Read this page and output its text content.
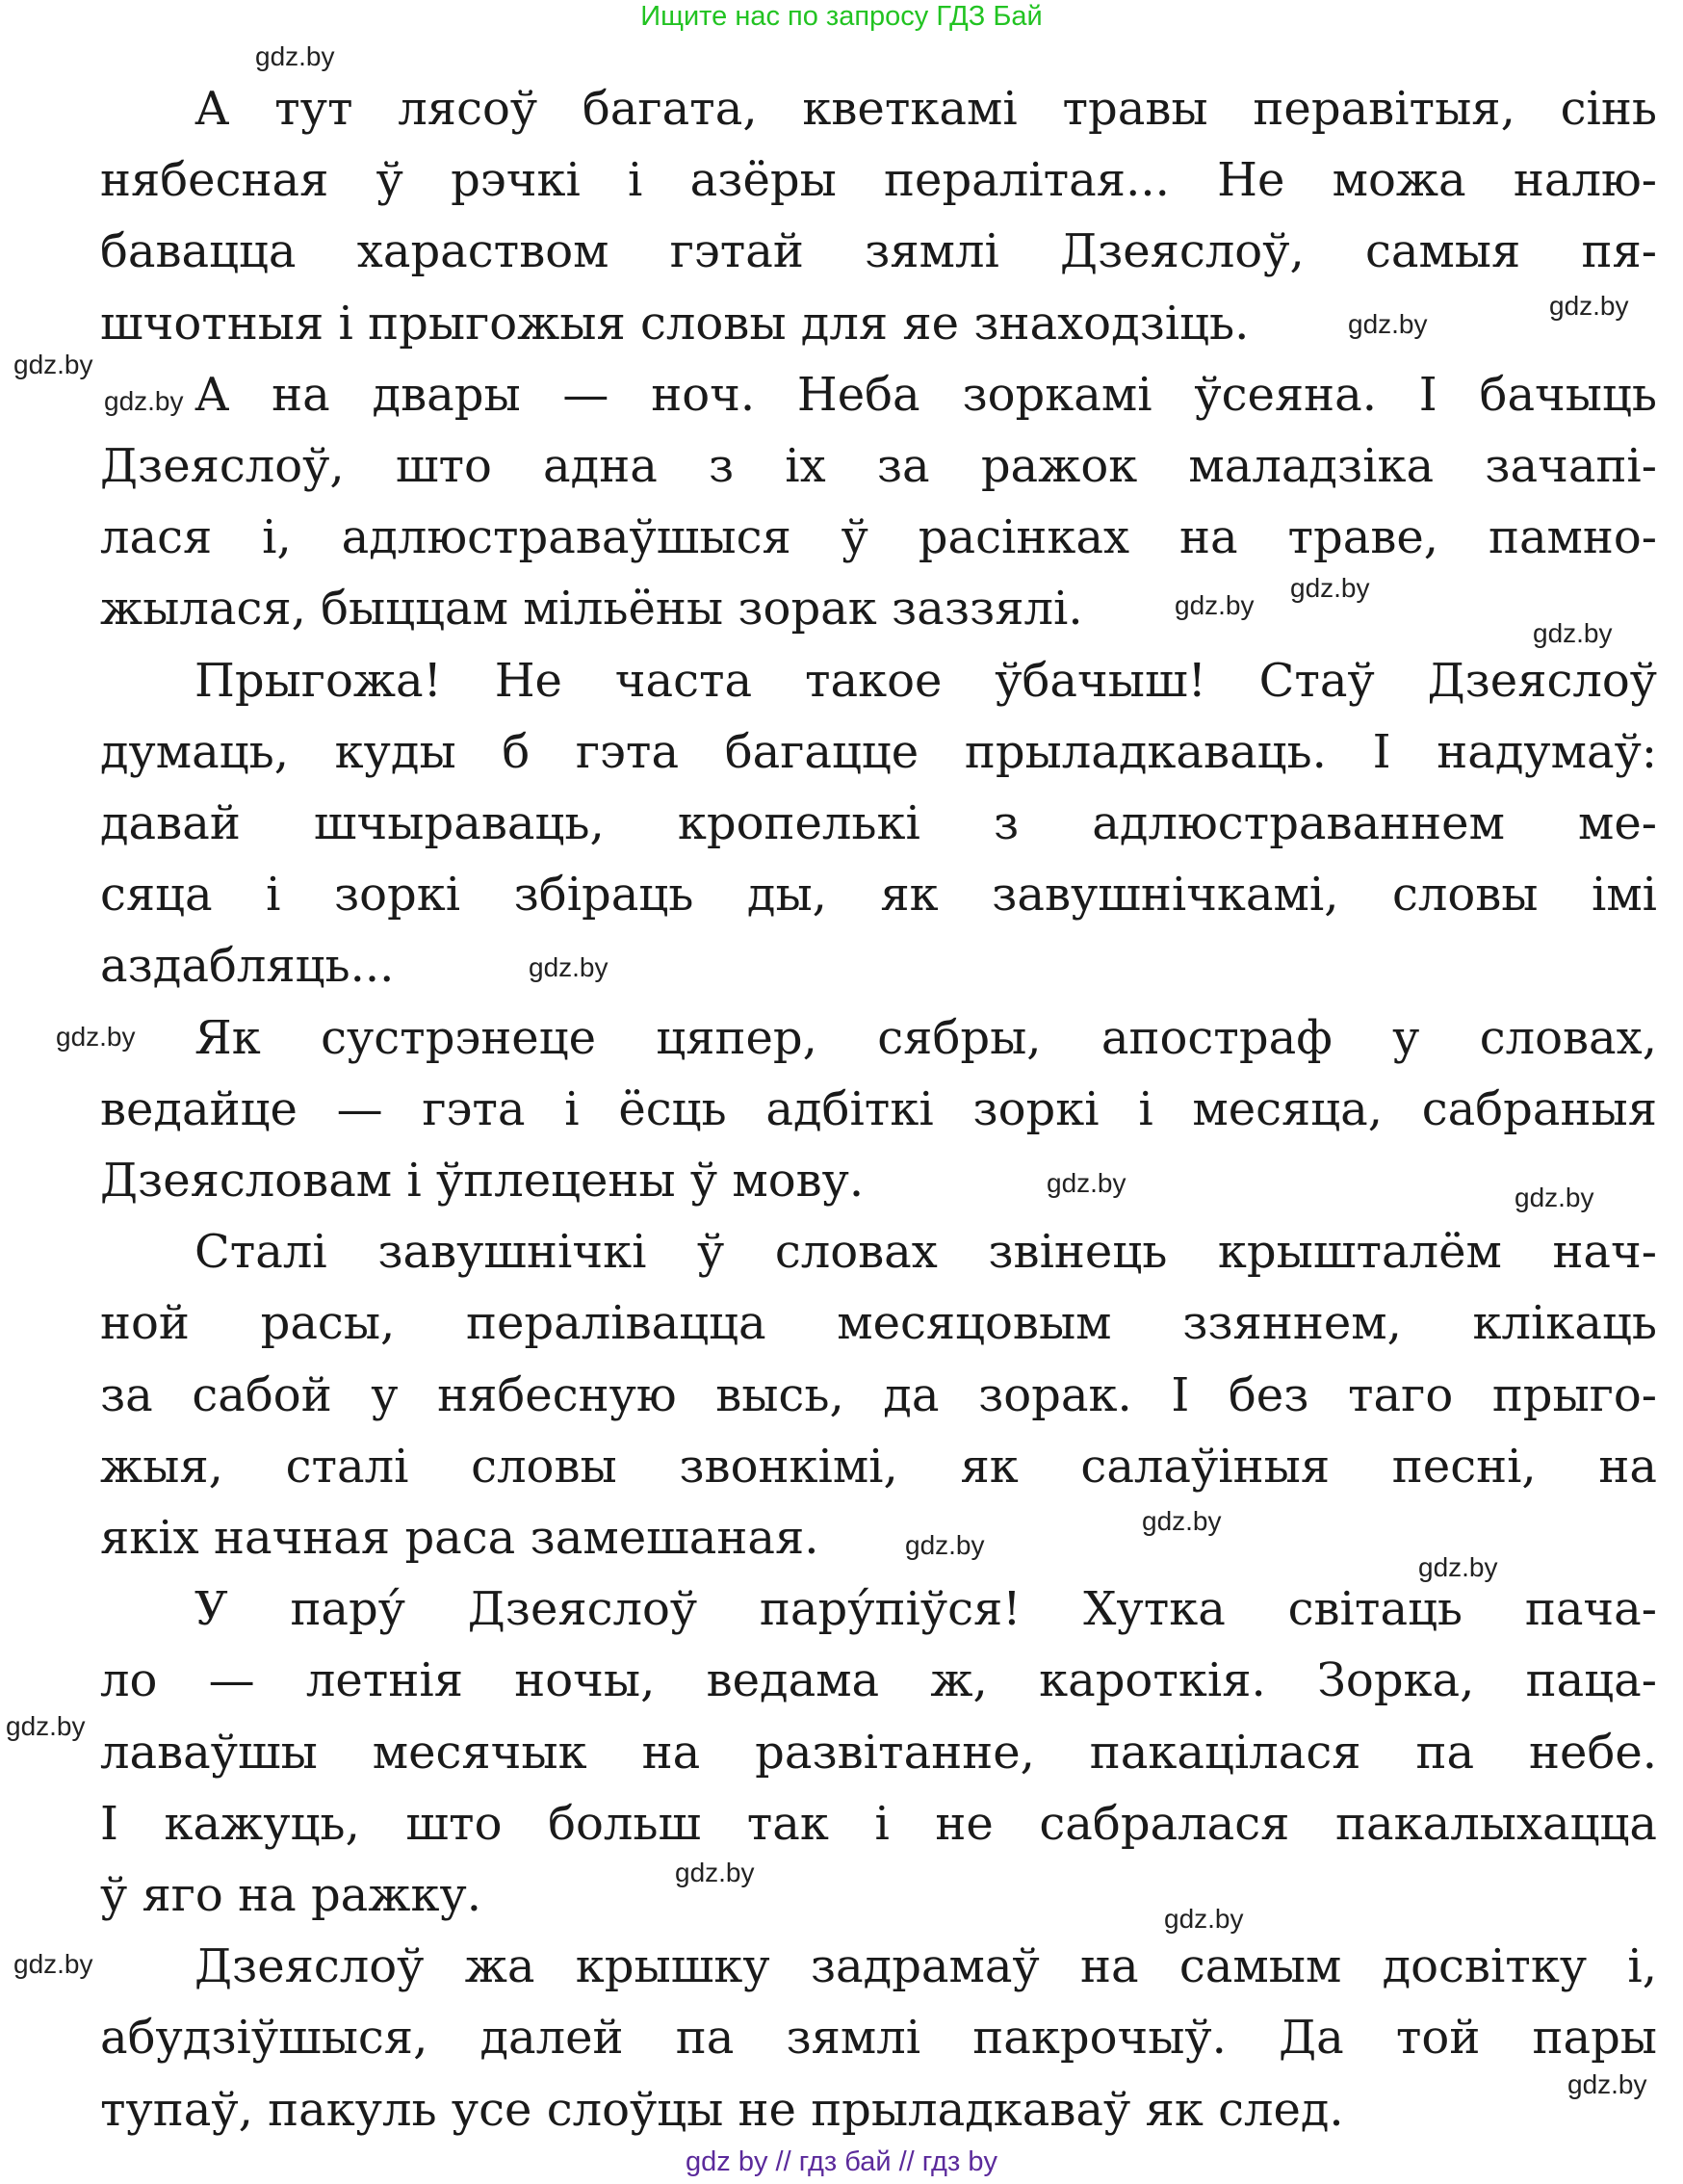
Ищите нас по запросу ГДЗ Бай
А тут лясоў багата, кветкамі травы перавітыя, сінь
нябесная ў рэчкі і азёры пералітая... Не можа налю-
бавацца хараством гэтай зямлі Дзеяслоў, самыя пя-
шчотныя і прыгожыя словы для яе знаходзіць.
А на двары — ноч. Неба зоркамі ўсеяна. І бачыць
Дзеяслоў, што адна з іх за ражок маладзіка зачапі-
лася і, адлюстраваўшыся ў расінках на траве, памно-
жылася, быццам мільёны зорак заззялі.
Прыгожа! Не часта такое ўбачыш! Стаў Дзеяслоў
думаць, куды б гэта багацце прыладкаваць. І надумаў:
давай шчыраваць, кропелькі з адлюстраваннем ме-
сяца і зоркі збіраць ды, як завушнічкамі, словы імі
аздабляць...
Як сустрэнеце цяпер, сябры, апостраф у словах,
ведайце — гэта і ёсць адбіткі зоркі і месяца, сабраныя
Дзеясловам і ўплецены ў мову.
Сталі завушнічкі ў словах звінець крышталём нач-
ной расы, пераліваццa месяцовым ззяннем, клікаць
за сабой у нябесную высь, да зорак. І без таго прыго-
жыя, сталі словы звонкімі, як салаўіныя песні, на
якіх начная раса замешаная.
У пару́ Дзеяслоў пару́піўся! Хутка світаць пача-
ло — летнія ночы, ведама ж, кароткія. Зорка, паца-
лаваўшы месячык на развітанне, пакацілася па небе.
І кажуць, што больш так і не сабралася пакалыхацца
ў яго на ражку.
Дзеяслоў жа крышку задрамаў на самым досвітку і,
абудзіўшыся, далей па зямлі пакрочыў. Да той пары
тупаў, пакуль усе слоўцы не прыладкаваў як след.
gdz.by
gdz.by
gdz.by
gdz.by
gdz.by
gdz.by
gdz.by
gdz.by
gdz.by
gdz.by
gdz.by	gdz.by
gdz.by
gdz.by
gdz.by
gdz.by
gdz.by
gdz.by
gdz.by
gdz.by
gdz by // гдз бай // гдз by
